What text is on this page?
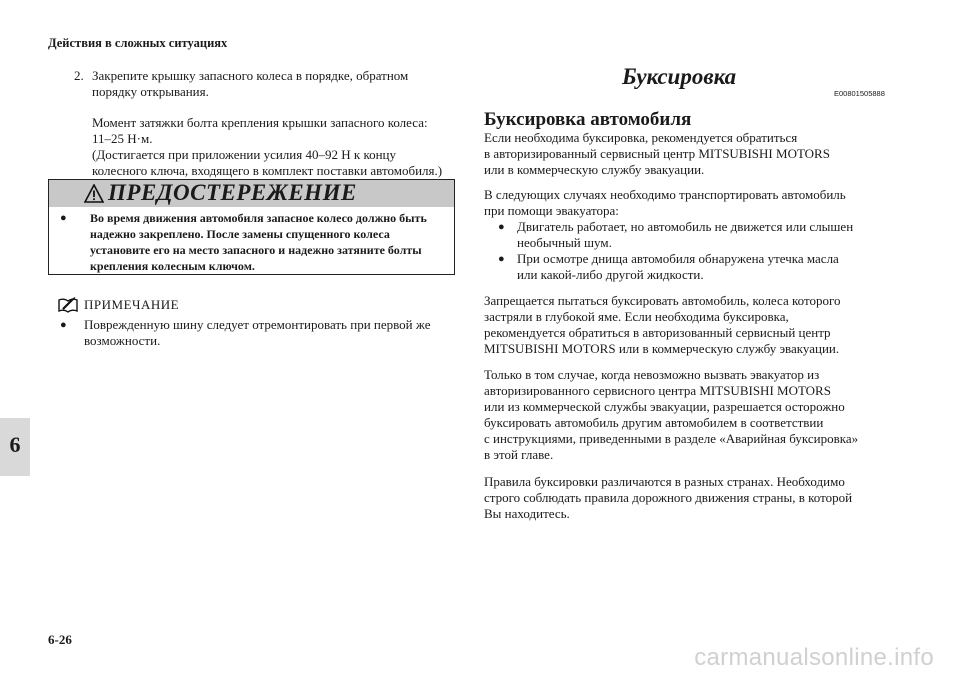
Действия в сложных ситуациях
6
2. Закрепите крышку запасного колеса в порядке, обратном
порядку открывания.
Момент затяжки болта крепления крышки запасного колеса:
11–25 Н·м.
(Достигается при приложении усилия 40–92 Н к концу
колесного ключа, входящего в комплект поставки автомобиля.)
ПРЕДОСТЕРЕЖЕНИЕ
● Во время движения автомобиля запасное колесо должно быть
надежно закреплено. После замены спущенного колеса
установите его на место запасного и надежно затяните болты
крепления колесным ключом.
ПРИМЕЧАНИЕ
● Поврежденную шину следует отремонтировать при первой же
возможности.
Буксировка
E00801505888
Буксировка автомобиля
Если необходима буксировка, рекомендуется обратиться
в авторизированный сервисный центр MITSUBISHI MOTORS
или в коммерческую службу эвакуации.
В следующих случаях необходимо транспортировать автомобиль
при помощи эвакуатора:
● Двигатель работает, но автомобиль не движется или слышен
необычный шум.
● При осмотре днища автомобиля обнаружена утечка масла
или какой-либо другой жидкости.
Запрещается пытаться буксировать автомобиль, колеса которого
застряли в глубокой яме. Если необходима буксировка,
рекомендуется обратиться в авторизованный сервисный центр
MITSUBISHI MOTORS или в коммерческую службу эвакуации.
Только в том случае, когда невозможно вызвать эвакуатор из
авторизированного сервисного центра MITSUBISHI MOTORS
или из коммерческой службы эвакуации, разрешается осторожно
буксировать автомобиль другим автомобилем в соответствии
с инструкциями, приведенными в разделе «Аварийная буксировка»
в этой главе.
Правила буксировки различаются в разных странах. Необходимо
строго соблюдать правила дорожного движения страны, в которой
Вы находитесь.
6-26
carmanualsonline.info
